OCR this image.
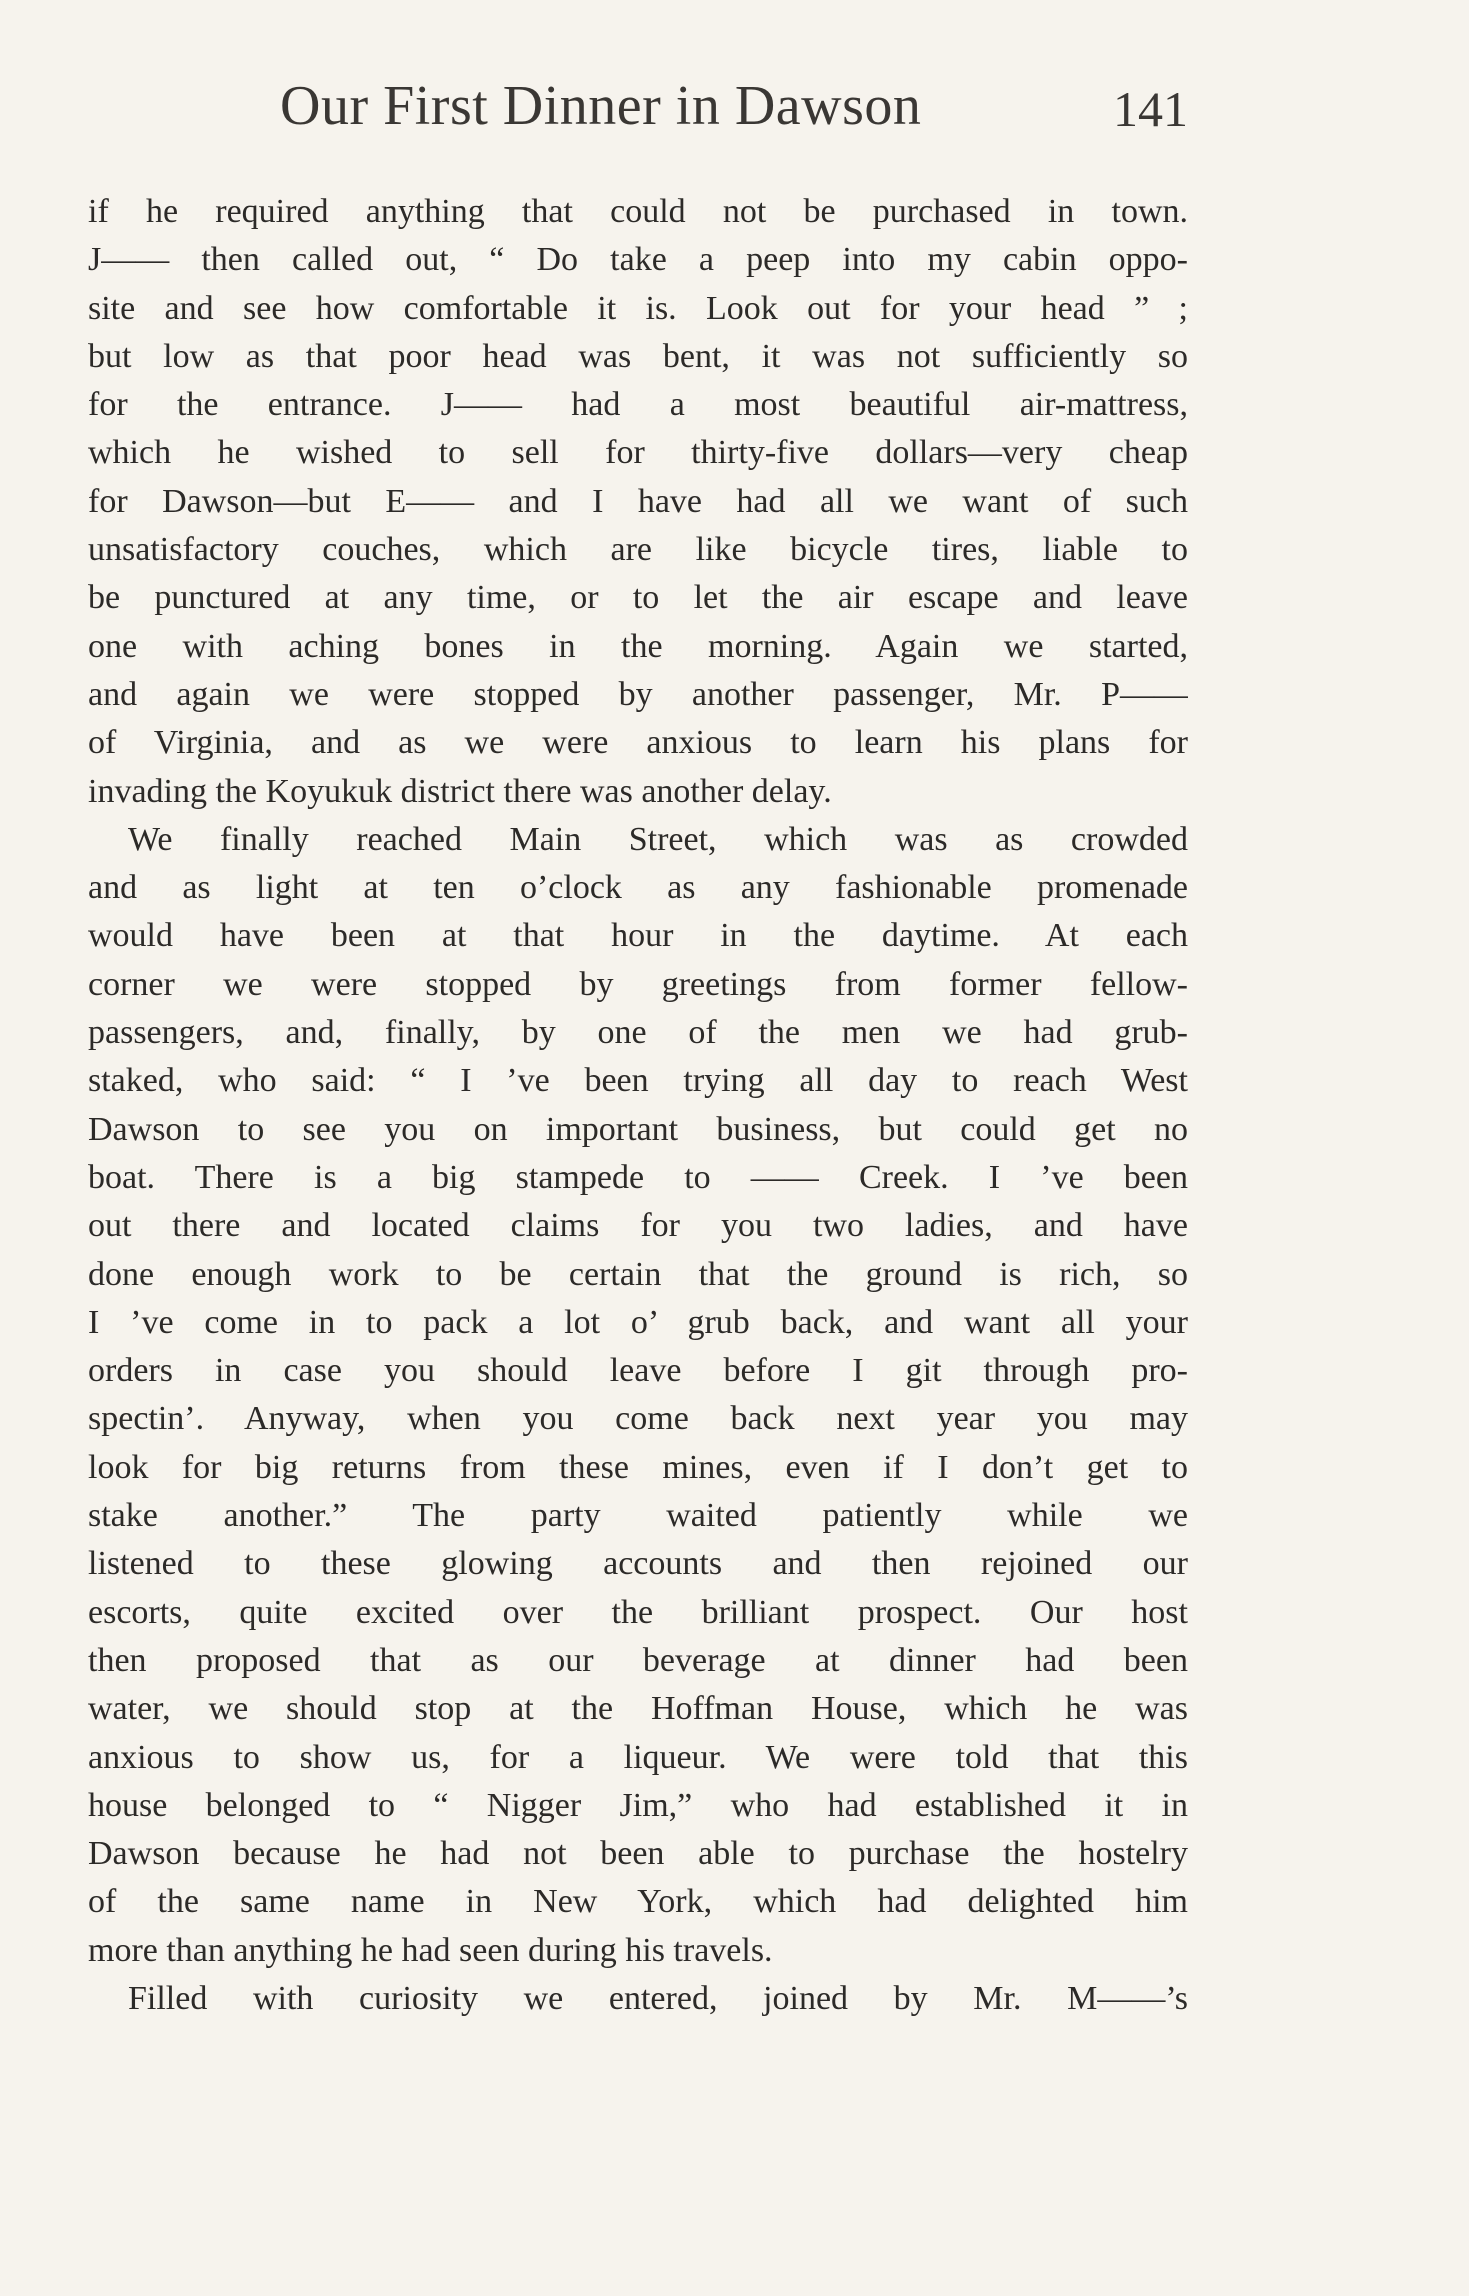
Our First Dinner in Dawson	141
if he required anything that could not be purchased in town.
J—— then called out, “ Do take a peep into my cabin oppo-
site and see how comfortable it is. Look out for your head ” ;
but low as that poor head was bent, it was not sufficiently so
for the entrance. J—— had a most beautiful air-mattress,
which he wished to sell for thirty-five dollars—very cheap
for Dawson—but E—— and I have had all we want of such
unsatisfactory couches, which are like bicycle tires, liable to
be punctured at any time, or to let the air escape and leave
one with aching bones in the morning. Again we started,
and again we were stopped by another passenger, Mr. P——
of Virginia, and as we were anxious to learn his plans for
invading the Koyukuk district there was another delay.
We finally reached Main Street, which was as crowded
and as light at ten o’clock as any fashionable promenade
would have been at that hour in the daytime. At each
corner we were stopped by greetings from former fellow-
passengers, and, finally, by one of the men we had grub-
staked, who said: “ I ’ve been trying all day to reach West
Dawson to see you on important business, but could get no
boat. There is a big stampede to —— Creek. I ’ve been
out there and located claims for you two ladies, and have
done enough work to be certain that the ground is rich, so
I ’ve come in to pack a lot o’ grub back, and want all your
orders in case you should leave before I git through pro-
spectin’. Anyway, when you come back next year you may
look for big returns from these mines, even if I don’t get to
stake another.” The party waited patiently while we
listened to these glowing accounts and then rejoined our
escorts, quite excited over the brilliant prospect. Our host
then proposed that as our beverage at dinner had been
water, we should stop at the Hoffman House, which he was
anxious to show us, for a liqueur. We were told that this
house belonged to “ Nigger Jim,” who had established it in
Dawson because he had not been able to purchase the hostelry
of the same name in New York, which had delighted him
more than anything he had seen during his travels.
Filled with curiosity we entered, joined by Mr. M——’s
